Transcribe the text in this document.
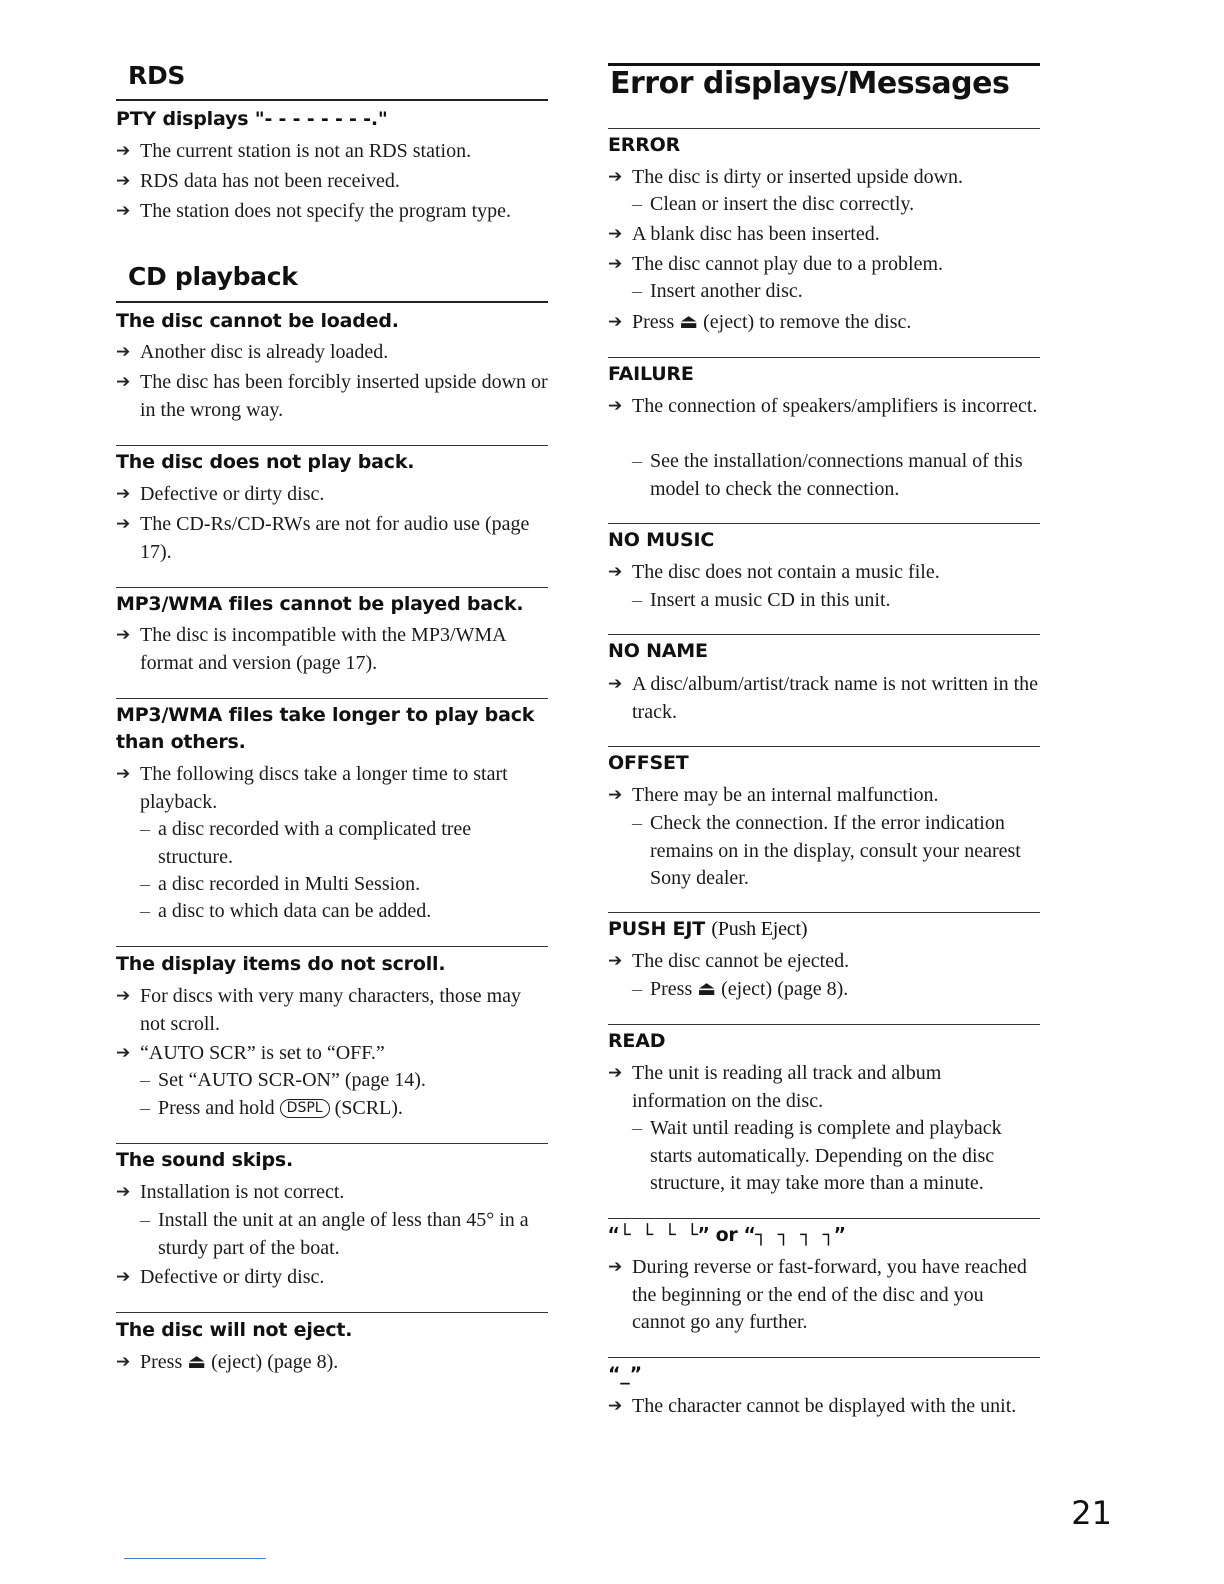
RDS
PTY displays "- - - - - - - -."
➔ The current station is not an RDS station.
➔ RDS data has not been received.
➔ The station does not specify the program type.
CD playback
The disc cannot be loaded.
➔ Another disc is already loaded.
➔ The disc has been forcibly inserted upside down or in the wrong way.
The disc does not play back.
➔ Defective or dirty disc.
➔ The CD-Rs/CD-RWs are not for audio use (page 17).
MP3/WMA files cannot be played back.
➔ The disc is incompatible with the MP3/WMA format and version (page 17).
MP3/WMA files take longer to play back than others.
➔ The following discs take a longer time to start playback.
– a disc recorded with a complicated tree structure.
– a disc recorded in Multi Session.
– a disc to which data can be added.
The display items do not scroll.
➔ For discs with very many characters, those may not scroll.
➔ “AUTO SCR” is set to “OFF.”
– Set “AUTO SCR-ON” (page 14).
– Press and hold DSPL (SCRL).
The sound skips.
➔ Installation is not correct.
– Install the unit at an angle of less than 45° in a sturdy part of the boat.
➔ Defective or dirty disc.
The disc will not eject.
➔ Press ⏏ (eject) (page 8).
Error displays/Messages
ERROR
➔ The disc is dirty or inserted upside down.
– Clean or insert the disc correctly.
➔ A blank disc has been inserted.
➔ The disc cannot play due to a problem.
– Insert another disc.
➔ Press ⏏ (eject) to remove the disc.
FAILURE
➔ The connection of speakers/amplifiers is incorrect.
– See the installation/connections manual of this model to check the connection.
NO MUSIC
➔ The disc does not contain a music file.
– Insert a music CD in this unit.
NO NAME
➔ A disc/album/artist/track name is not written in the track.
OFFSET
➔ There may be an internal malfunction.
– Check the connection. If the error indication remains on in the display, consult your nearest Sony dealer.
PUSH EJT (Push Eject)
➔ The disc cannot be ejected.
– Press ⏏ (eject) (page 8).
READ
➔ The unit is reading all track and album information on the disc.
– Wait until reading is complete and playback starts automatically. Depending on the disc structure, it may take more than a minute.
“└ └ └ └” or “┐ ┐ ┐ ┐”
➔ During reverse or fast-forward, you have reached the beginning or the end of the disc and you cannot go any further.
“_”
➔ The character cannot be displayed with the unit.
21
